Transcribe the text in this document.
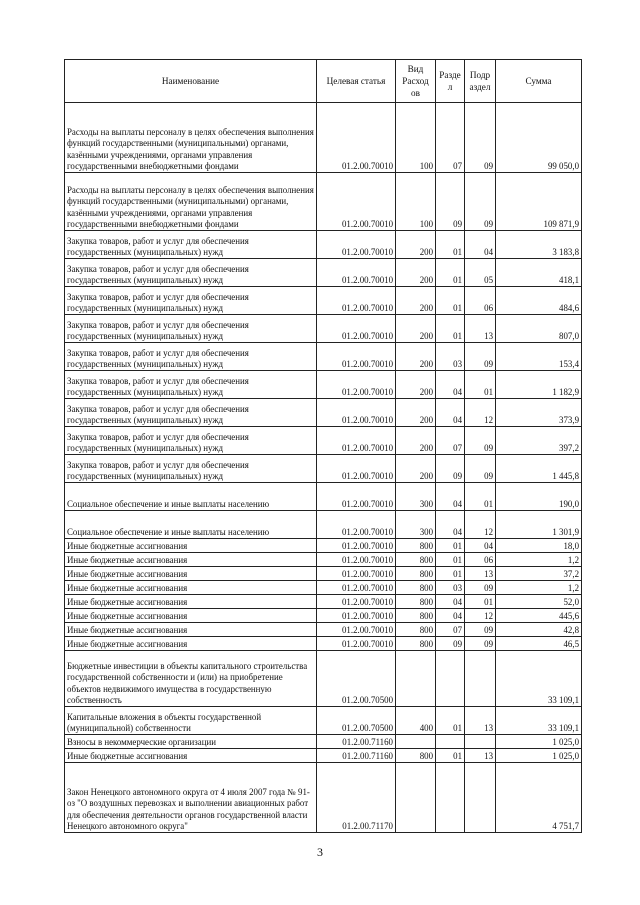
Наименование	Целевая статья	Вид Расход ов	Разде л	Подр аздел	Сумма
Расходы на выплаты персоналу в целях обеспечения выполнения функций государственными (муниципальными) органами, казёнными учреждениями, органами управления государственными внебюджетными фондами	01.2.00.70010	100	07	09	99 050,0
Расходы на выплаты персоналу в целях обеспечения выполнения функций государственными (муниципальными) органами, казёнными учреждениями, органами управления государственными внебюджетными фондами	01.2.00.70010	100	09	09	109 871,9
Закупка товаров, работ и услуг для обеспечения государственных (муниципальных) нужд	01.2.00.70010	200	01	04	3 183,8
Закупка товаров, работ и услуг для обеспечения государственных (муниципальных) нужд	01.2.00.70010	200	01	05	418,1
Закупка товаров, работ и услуг для обеспечения государственных (муниципальных) нужд	01.2.00.70010	200	01	06	484,6
Закупка товаров, работ и услуг для обеспечения государственных (муниципальных) нужд	01.2.00.70010	200	01	13	807,0
Закупка товаров, работ и услуг для обеспечения государственных (муниципальных) нужд	01.2.00.70010	200	03	09	153,4
Закупка товаров, работ и услуг для обеспечения государственных (муниципальных) нужд	01.2.00.70010	200	04	01	1 182,9
Закупка товаров, работ и услуг для обеспечения государственных (муниципальных) нужд	01.2.00.70010	200	04	12	373,9
Закупка товаров, работ и услуг для обеспечения государственных (муниципальных) нужд	01.2.00.70010	200	07	09	397,2
Закупка товаров, работ и услуг для обеспечения государственных (муниципальных) нужд	01.2.00.70010	200	09	09	1 445,8
Социальное обеспечение и иные выплаты населению	01.2.00.70010	300	04	01	190,0
Социальное обеспечение и иные выплаты населению	01.2.00.70010	300	04	12	1 301,9
Иные бюджетные ассигнования	01.2.00.70010	800	01	04	18,0
Иные бюджетные ассигнования	01.2.00.70010	800	01	06	1,2
Иные бюджетные ассигнования	01.2.00.70010	800	01	13	37,2
Иные бюджетные ассигнования	01.2.00.70010	800	03	09	1,2
Иные бюджетные ассигнования	01.2.00.70010	800	04	01	52,0
Иные бюджетные ассигнования	01.2.00.70010	800	04	12	445,6
Иные бюджетные ассигнования	01.2.00.70010	800	07	09	42,8
Иные бюджетные ассигнования	01.2.00.70010	800	09	09	46,5
Бюджетные инвестиции в объекты капитального строительства государственной собственности и (или) на приобретение объектов недвижимого имущества в государственную собственность	01.2.00.70500				33 109,1
Капитальные вложения в объекты государственной (муниципальной) собственности	01.2.00.70500	400	01	13	33 109,1
Взносы в некоммерческие организации	01.2.00.71160				1 025,0
Иные бюджетные ассигнования	01.2.00.71160	800	01	13	1 025,0
Закон Ненецкого автономного округа от 4 июля 2007 года № 91-оз "О воздушных перевозках и выполнении авиационных работ для обеспечения деятельности органов государственной власти Ненецкого автономного округа"	01.2.00.71170				4 751,7
3
